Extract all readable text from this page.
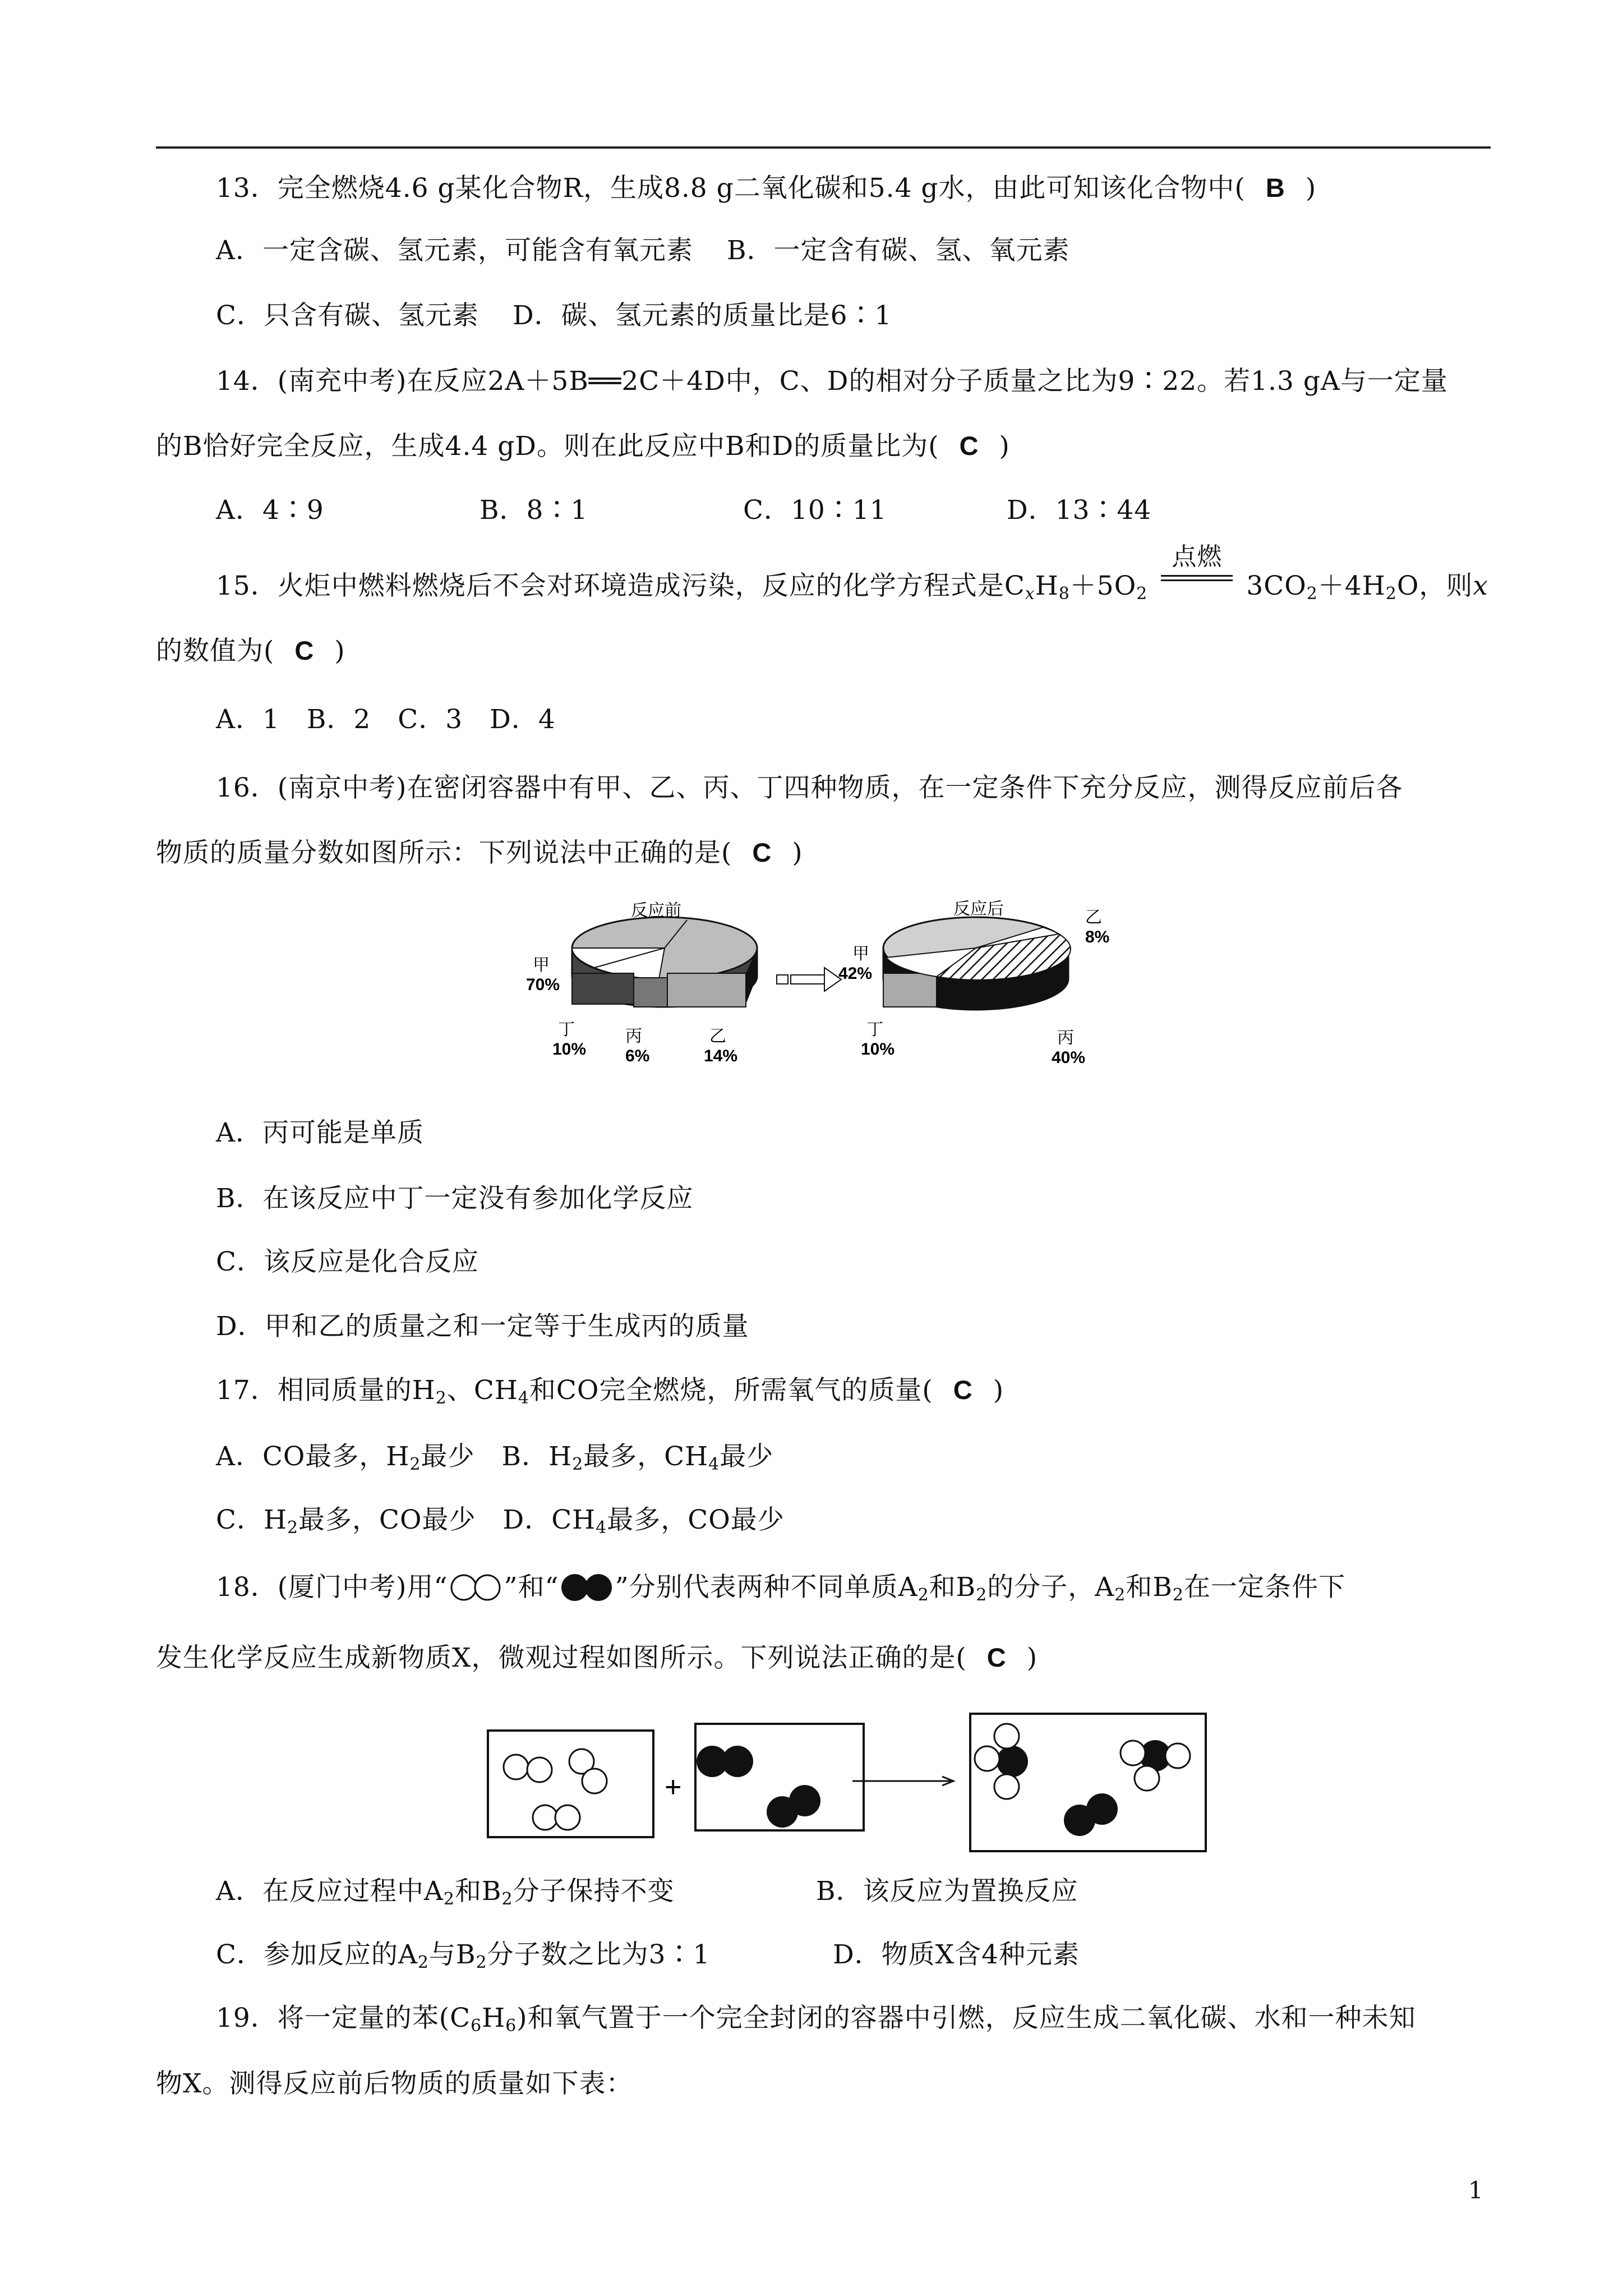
13．完全燃烧4.6 g某化合物R，生成8.8 g二氧化碳和5.4 g水，由此可知该化合物中( B )
A．一定含碳、氢元素，可能含有氧元素 B．一定含有碳、氢、氧元素
C．只含有碳、氢元素 D．碳、氢元素的质量比是6∶1
14．(南充中考)在反应2A＋5B══2C＋4D中，C、D的相对分子质量之比为9∶22。若1.3 gA与一定量
的B恰好完全反应，生成4.4 gD。则在此反应中B和D的质量比为( C )
A．4∶9	B．8∶1	C．10∶11	D．13∶44
15．火炬中燃料燃烧后不会对环境造成污染，反应的化学方程式是$C_xH_8+5O_2$
点燃
$3CO_2+4H_2O$，则x
的数值为( C )
A．1　B．2　C．3　D．4
16．(南京中考)在密闭容器中有甲、乙、丙、丁四种物质，在一定条件下充分反应，测得反应前后各
物质的质量分数如图所示：下列说法中正确的是( C )
反应前
甲
70%
丁
10%
丙
6%
乙
14%
反应后	乙
8%
甲
42%
丁
10%
丙
40%
A．丙可能是单质
B．在该反应中丁一定没有参加化学反应
C．该反应是化合反应
D．甲和乙的质量之和一定等于生成丙的质量
17．相同质量的$H_2$、$CH_4$和CO完全燃烧，所需氧气的质量( C )
A．CO最多，$H_2$最少　B．$H_2$最多，$CH_4$最少
C．$H_2$最多，CO最少　D．$CH_4$最多，CO最少
18．(厦门中考)用“ ”和“ ”分别代表两种不同单质$A_2$和$B_2$的分子，$A_2$和$B_2$在一定条件下
发生化学反应生成新物质X，微观过程如图所示。下列说法正确的是( C )
+
A．在反应过程中$A_2$和$B_2$分子保持不变	B．该反应为置换反应
C．参加反应的$A_2$与$B_2$分子数之比为3∶1	D．物质X含4种元素
19．将一定量的苯$(C_6H_6)$和氧气置于一个完全封闭的容器中引燃，反应生成二氧化碳、水和一种未知
物X。测得反应前后物质的质量如下表：
1
